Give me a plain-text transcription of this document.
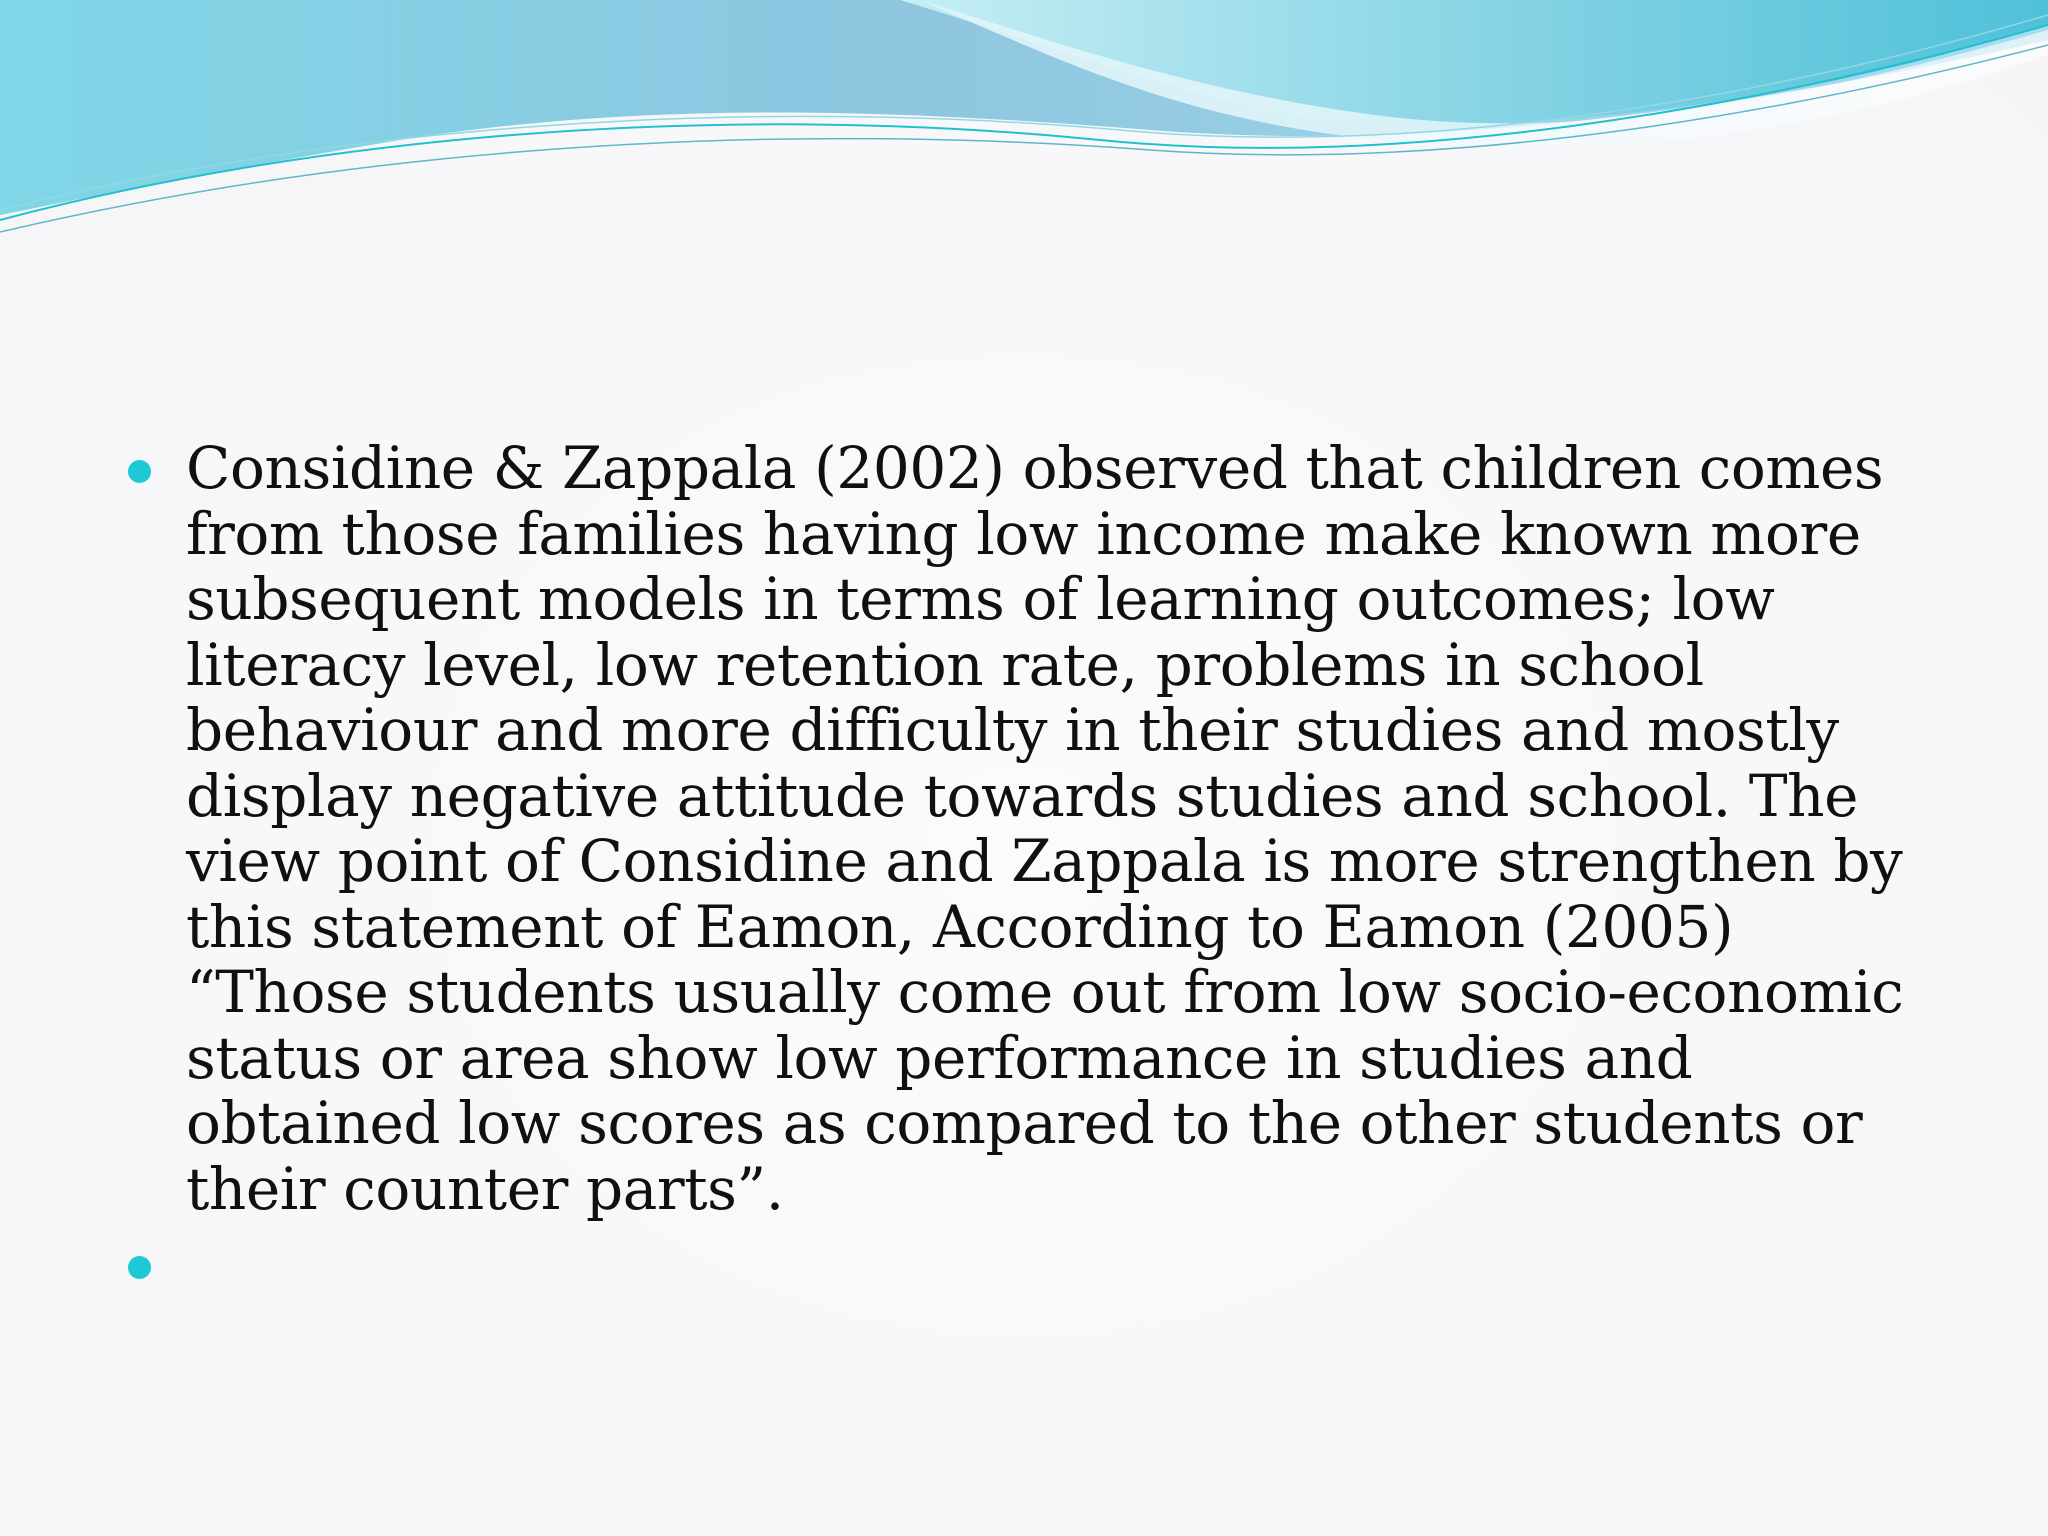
Considine & Zappala (2002) observed that children comes
from those families having low income make known more
subsequent models in terms of learning outcomes; low
literacy level, low retention rate, problems in school
behaviour and more difficulty in their studies and mostly
display negative attitude towards studies and school. The
view point of Considine and Zappala is more strengthen by
this statement of Eamon, According to Eamon (2005)
“Those students usually come out from low socio-economic
status or area show low performance in studies and
obtained low scores as compared to the other students or
their counter parts”.
